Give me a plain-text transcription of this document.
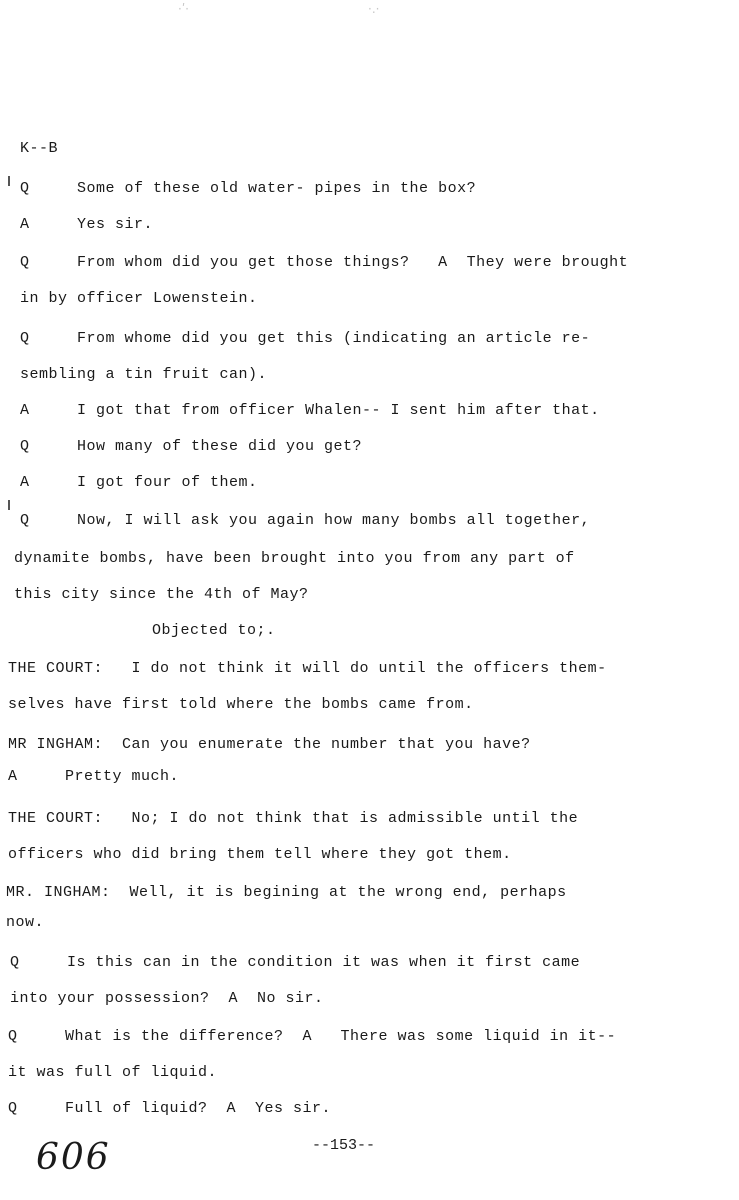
·ʹ·	·.·
K--B
Q     Some of these old water- pipes in the box?
A     Yes sir.
Q     From whom did you get those things?   A  They were brought
in by officer Lowenstein.
Q     From whome did you get this (indicating an article re-
sembling a tin fruit can).
A     I got that from officer Whalen-- I sent him after that.
Q     How many of these did you get?
A     I got four of them.
Q     Now, I will ask you again how many bombs all together,
dynamite bombs, have been brought into you from any part of
this city since the 4th of May?
Objected to;.
THE COURT:   I do not think it will do until the officers them-
selves have first told where the bombs came from.
MR INGHAM:  Can you enumerate the number that you have?
A     Pretty much.
THE COURT:   No; I do not think that is admissible until the
officers who did bring them tell where they got them.
MR. INGHAM:  Well, it is begining at the wrong end, perhaps
now.
Q     Is this can in the condition it was when it first came
into your possession?  A  No sir.
Q     What is the difference?  A   There was some liquid in it--
it was full of liquid.
Q     Full of liquid?  A  Yes sir.
606	--153--
